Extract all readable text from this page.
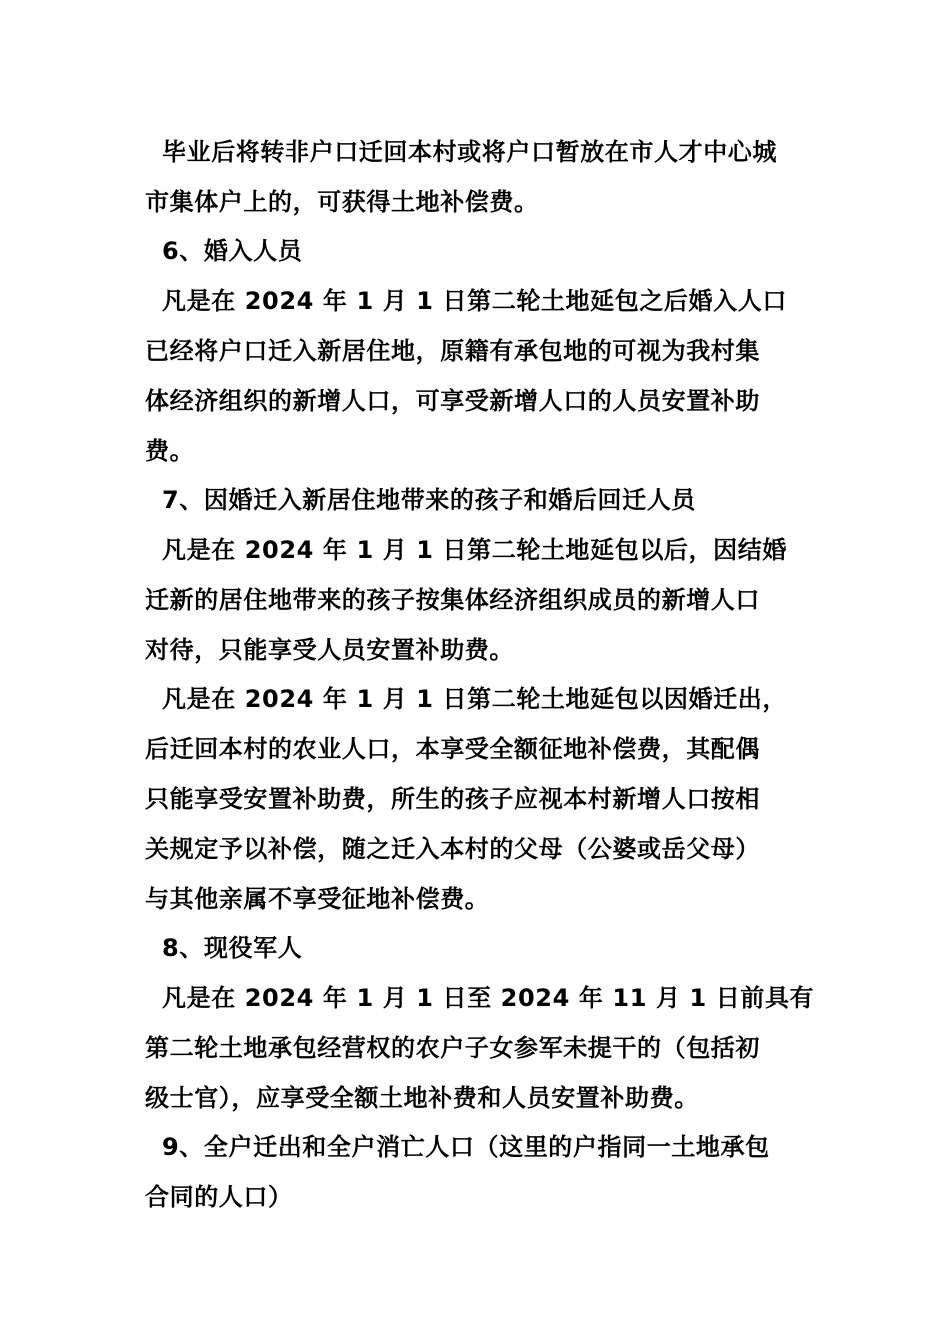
毕业后将转非户口迁回本村或将户口暂放在市人才中心城
市集体户上的，可获得土地补偿费。
6、婚入人员
凡是在 2024 年 1 月 1 日第二轮土地延包之后婚入人口
已经将户口迁入新居住地，原籍有承包地的可视为我村集
体经济组织的新增人口，可享受新增人口的人员安置补助
费。
7、因婚迁入新居住地带来的孩子和婚后回迁人员
凡是在 2024 年 1 月 1 日第二轮土地延包以后，因结婚
迁新的居住地带来的孩子按集体经济组织成员的新增人口
对待，只能享受人员安置补助费。
凡是在 2024 年 1 月 1 日第二轮土地延包以因婚迁出，
后迁回本村的农业人口，本享受全额征地补偿费，其配偶
只能享受安置补助费，所生的孩子应视本村新增人口按相
关规定予以补偿，随之迁入本村的父母（公婆或岳父母）
与其他亲属不享受征地补偿费。
8、现役军人
凡是在 2024 年 1 月 1 日至 2024 年 11 月 1 日前具有
第二轮土地承包经营权的农户子女参军未提干的（包括初
级士官），应享受全额土地补费和人员安置补助费。
9、全户迁出和全户消亡人口（这里的户指同一土地承包
合同的人口）
